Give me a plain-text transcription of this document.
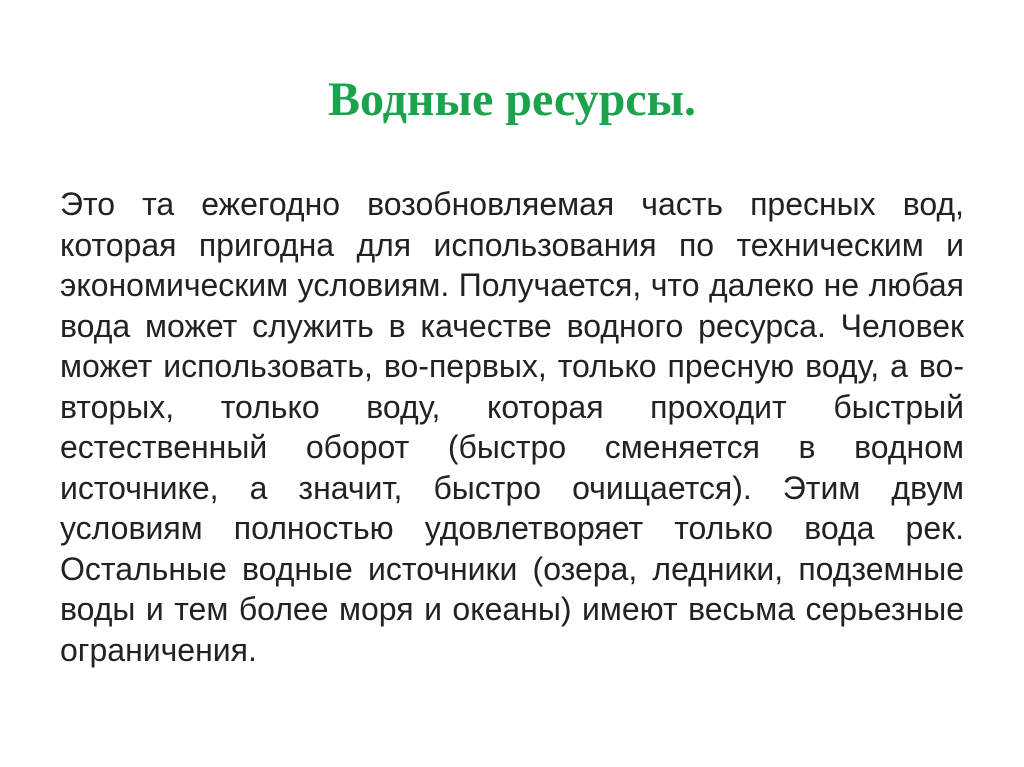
Водные ресурсы.

Это та ежегодно возобновляемая часть пресных вод, которая пригодна для использования по техническим и экономическим условиям. Получается, что далеко не любая вода может служить в качестве водного ресурса. Человек может использовать, во-первых, только пресную воду, а во-вторых, только воду, которая проходит быстрый естественный оборот (быстро сменяется в водном источнике, а значит, быстро очищается). Этим двум условиям полностью удовлетворяет только вода рек. Остальные водные источники (озера, ледники, подземные воды и тем более моря и океаны) имеют весьма серьезные ограничения.
